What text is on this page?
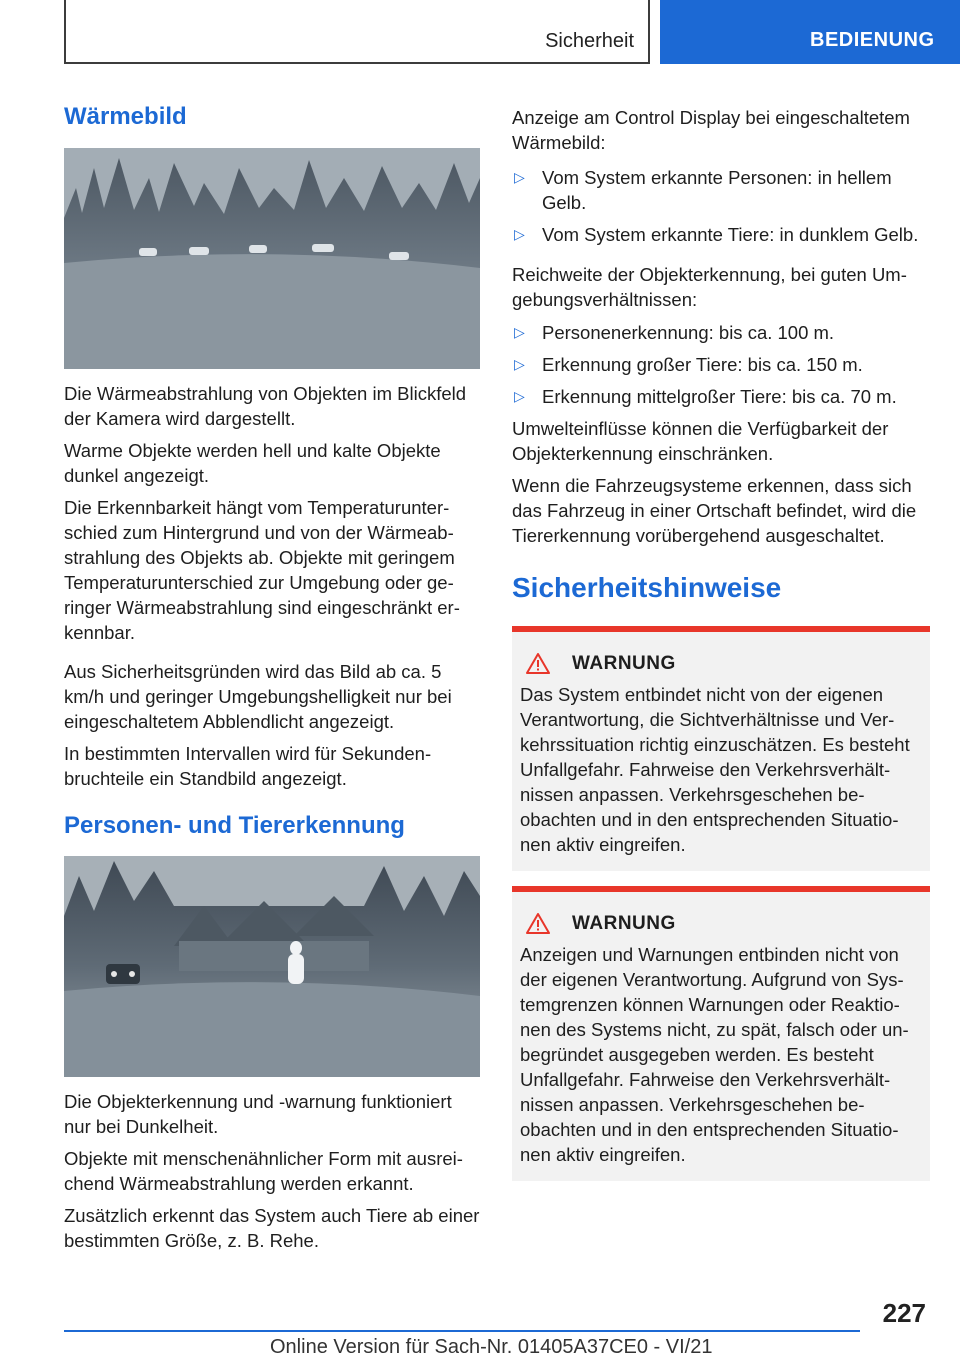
Sicherheit	BEDIENUNG
Wärmebild

Die Wärmeabstrahlung von Objekten im Blickfeld der Kamera wird dargestellt.

Warme Objekte werden hell und kalte Objekte dunkel angezeigt.

Die Erkennbarkeit hängt vom Temperaturunterschied zum Hintergrund und von der Wärmeabstrahlung des Objekts ab. Objekte mit geringem Temperaturunterschied zur Umgebung oder geringer Wärmeabstrahlung sind eingeschränkt erkennbar.

Aus Sicherheitsgründen wird das Bild ab ca. 5 km/h und geringer Umgebungshelligkeit nur bei eingeschaltetem Abblendlicht angezeigt.

In bestimmten Intervallen wird für Sekundenbruchteile ein Standbild angezeigt.

Personen- und Tiererkennung

Die Objekterkennung und -warnung funktioniert nur bei Dunkelheit.

Objekte mit menschenähnlicher Form mit ausreichend Wärmeabstrahlung werden erkannt.

Zusätzlich erkennt das System auch Tiere ab einer bestimmten Größe, z. B. Rehe.

Anzeige am Control Display bei eingeschaltetem Wärmebild:

▷ Vom System erkannte Personen: in hellem Gelb.
▷ Vom System erkannte Tiere: in dunklem Gelb.

Reichweite der Objekterkennung, bei guten Umgebungsverhältnissen:

▷ Personenerkennung: bis ca. 100 m.
▷ Erkennung großer Tiere: bis ca. 150 m.
▷ Erkennung mittelgroßer Tiere: bis ca. 70 m.

Umwelteinflüsse können die Verfügbarkeit der Objekterkennung einschränken.

Wenn die Fahrzeugsysteme erkennen, dass sich das Fahrzeug in einer Ortschaft befindet, wird die Tiererkennung vorübergehend ausgeschaltet.

Sicherheitshinweise
WARNUNG

Das System entbindet nicht von der eigenen Verantwortung, die Sichtverhältnisse und Verkehrssituation richtig einzuschätzen. Es besteht Unfallgefahr. Fahrweise den Verkehrsverhältnissen anpassen. Verkehrsgeschehen beobachten und in den entsprechenden Situationen aktiv eingreifen.

WARNUNG

Anzeigen und Warnungen entbinden nicht von der eigenen Verantwortung. Aufgrund von Systemgrenzen können Warnungen oder Reaktionen des Systems nicht, zu spät, falsch oder unbegründet ausgegeben werden. Es besteht Unfallgefahr. Fahrweise den Verkehrsverhältnissen anpassen. Verkehrsgeschehen beobachten und in den entsprechenden Situationen aktiv eingreifen.

227
Online Version für Sach-Nr. 01405A37CE0 - VI/21
